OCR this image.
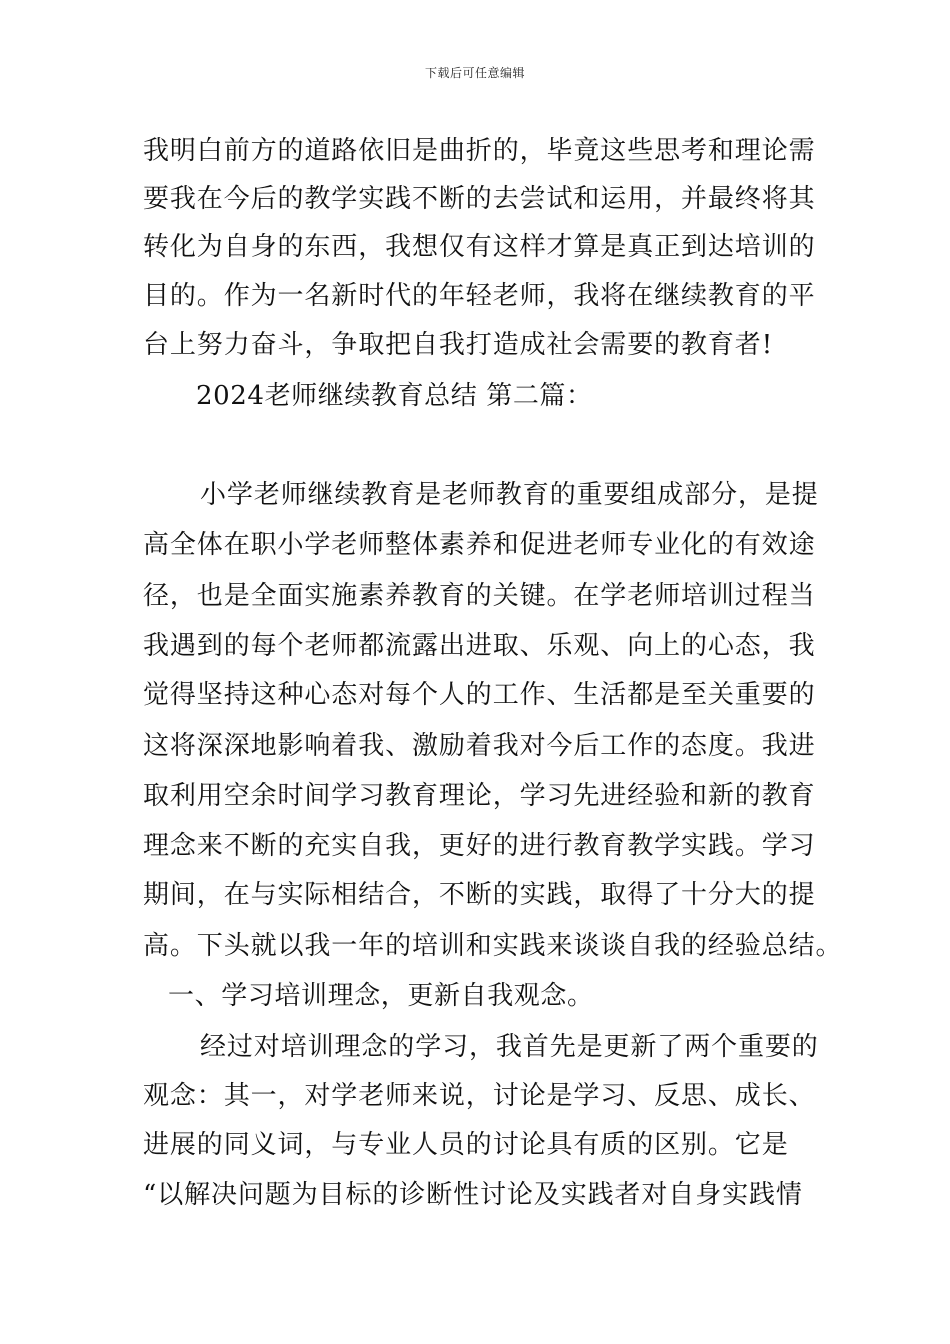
下载后可任意编辑
我明白前方的道路依旧是曲折的，毕竟这些思考和理论需
要我在今后的教学实践不断的去尝试和运用，并最终将其
转化为自身的东西，我想仅有这样才算是真正到达培训的
目的。作为一名新时代的年轻老师，我将在继续教育的平
台上努力奋斗，争取把自我打造成社会需要的教育者!
2024老师继续教育总结 第二篇：
小学老师继续教育是老师教育的重要组成部分，是提
高全体在职小学老师整体素养和促进老师专业化的有效途
径，也是全面实施素养教育的关键。在学老师培训过程当
我遇到的每个老师都流露出进取、乐观、向上的心态，我
觉得坚持这种心态对每个人的工作、生活都是至关重要的
这将深深地影响着我、激励着我对今后工作的态度。我进
取利用空余时间学习教育理论，学习先进经验和新的教育
理念来不断的充实自我，更好的进行教育教学实践。学习
期间，在与实际相结合，不断的实践，取得了十分大的提
高。下头就以我一年的培训和实践来谈谈自我的经验总结。
一、学习培训理念，更新自我观念。
经过对培训理念的学习，我首先是更新了两个重要的
观念：其一，对学老师来说，讨论是学习、反思、成长、
进展的同义词，与专业人员的讨论具有质的区别。它是
“以解决问题为目标的诊断性讨论及实践者对自身实践情
